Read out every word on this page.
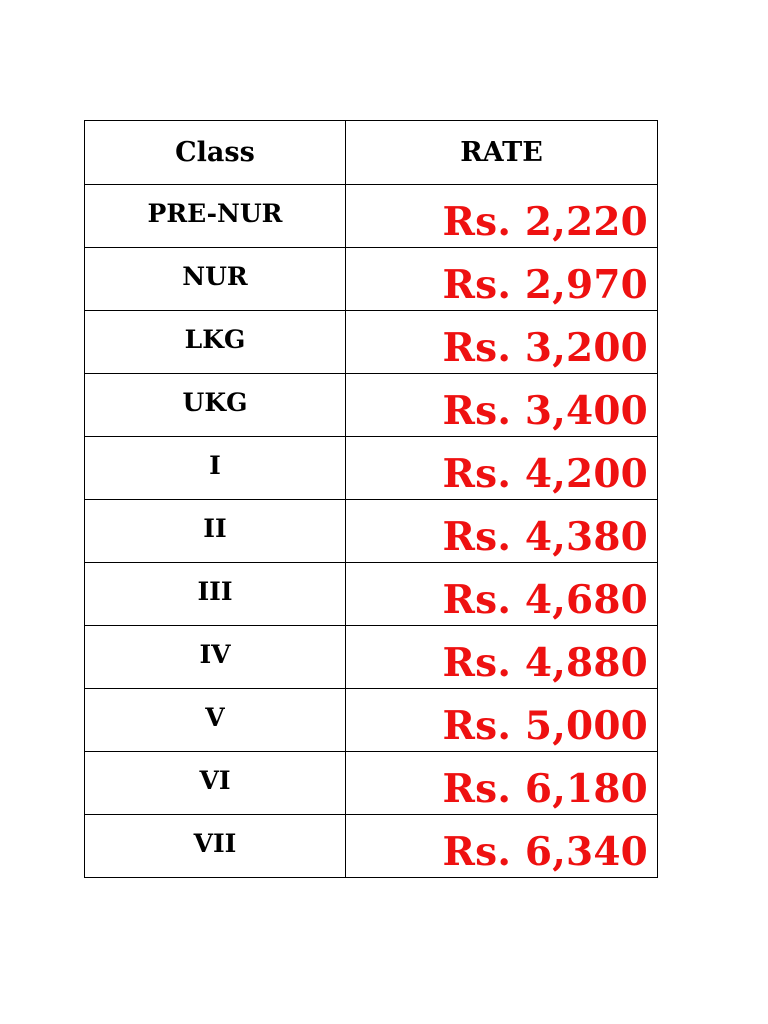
Class	RATE
PRE-NUR	Rs. 2,220
NUR	Rs. 2,970
LKG	Rs. 3,200
UKG	Rs. 3,400
I	Rs. 4,200
II	Rs. 4,380
III	Rs. 4,680
IV	Rs. 4,880
V	Rs. 5,000
VI	Rs. 6,180
VII	Rs. 6,340
